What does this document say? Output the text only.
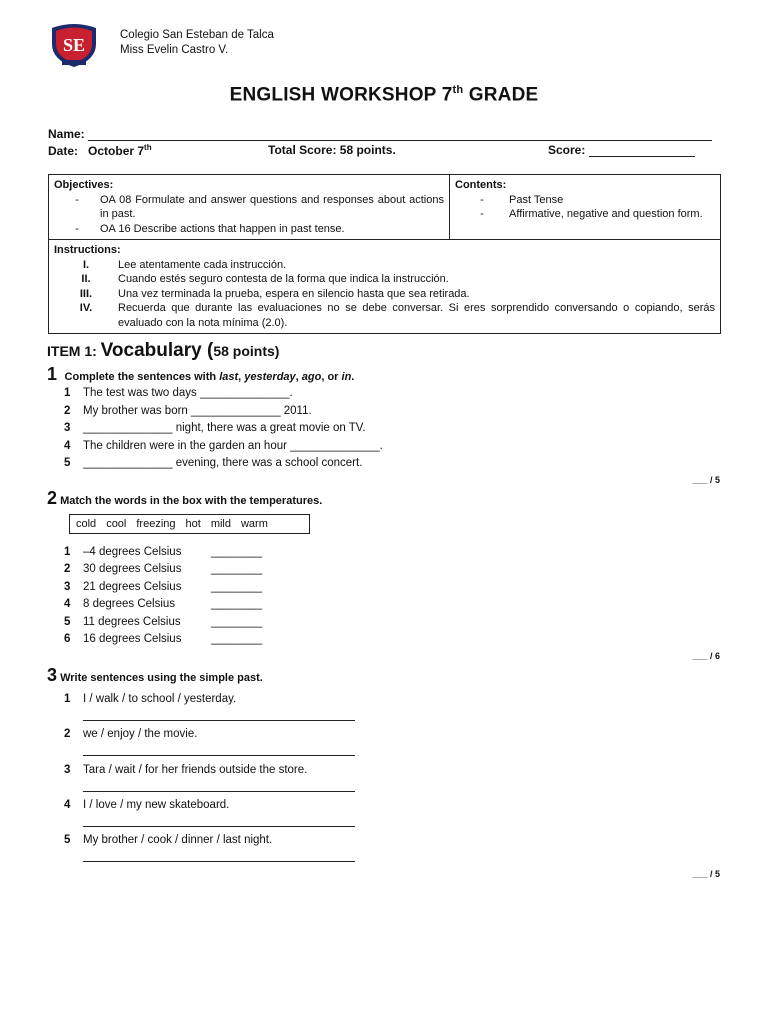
SE	Colegio San Esteban de Talca
Miss Evelin Castro V.
ENGLISH WORKSHOP 7th GRADE
Name:
Date: October 7th	Total Score: 58 points.	Score:
Objectives:
-	OA 08 Formulate and answer questions and responses about actions in past.
-	OA 16 Describe actions that happen in past tense.

Contents:
-	Past Tense
-	Affirmative, negative and question form.

Instructions:
I.	Lee atentamente cada instrucción.
II.	Cuando estés seguro contesta de la forma que indica la instrucción.
III.	Una vez terminada la prueba, espera en silencio hasta que sea retirada.
IV.	Recuerda que durante las evaluaciones no se debe conversar. Si eres sorprendido conversando o copiando, serás evaluado con la nota mínima (2.0).
ITEM 1: Vocabulary (58 points)
1 Complete the sentences with last, yesterday, ago, or in.
1	The test was two days ______________.
2	My brother was born ______________ 2011.
3	______________ night, there was a great movie on TV.
4	The children were in the garden an hour ______________.
5	______________ evening, there was a school concert.
___ / 5
2 Match the words in the box with the temperatures.
cold cool freezing hot mild warm
1	–4 degrees Celsius	________
2	30 degrees Celsius	________
3	21 degrees Celsius	________
4	8 degrees Celsius	________
5	11 degrees Celsius	________
6	16 degrees Celsius	________
___ / 6
3 Write sentences using the simple past.
1	I / walk / to school / yesterday.
2	we / enjoy / the movie.
3	Tara / wait / for her friends outside the store.
4	I / love / my new skateboard.
5	My brother / cook / dinner / last night.
___ / 5
